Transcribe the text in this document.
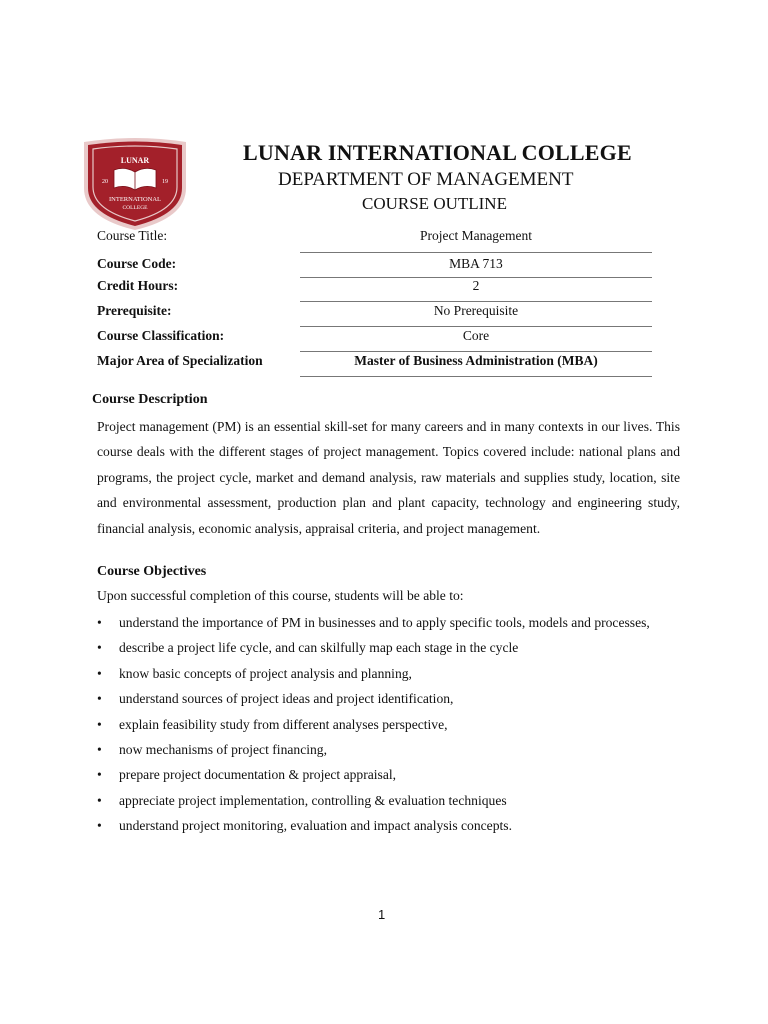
LUNAR
20	19
INTERNATIONAL
COLLEGE
LUNAR INTERNATIONAL COLLEGE
DEPARTMENT OF MANAGEMENT
COURSE OUTLINE
Course Title:	Project Management
Course Code:	MBA 713
Credit Hours:	2
Prerequisite:	No Prerequisite
Course Classification:	Core
Major Area of Specialization	Master of Business Administration (MBA)
Course Description

Project management (PM) is an essential skill-set for many careers and in many contexts in our lives. This course deals with the different stages of project management. Topics covered include: national plans and programs, the project cycle, market and demand analysis, raw materials and supplies study, location, site and environmental assessment, production plan and plant capacity, technology and engineering study, financial analysis, economic analysis, appraisal criteria, and project management.

Course Objectives
Upon successful completion of this course, students will be able to:
• understand the importance of PM in businesses and to apply specific tools, models and processes,
• describe a project life cycle, and can skilfully map each stage in the cycle
• know basic concepts of project analysis and planning,
• understand sources of project ideas and project identification,
• explain feasibility study from different analyses perspective,
• now mechanisms of project financing,
• prepare project documentation & project appraisal,
• appreciate project implementation, controlling & evaluation techniques
• understand project monitoring, evaluation and impact analysis concepts.
1
